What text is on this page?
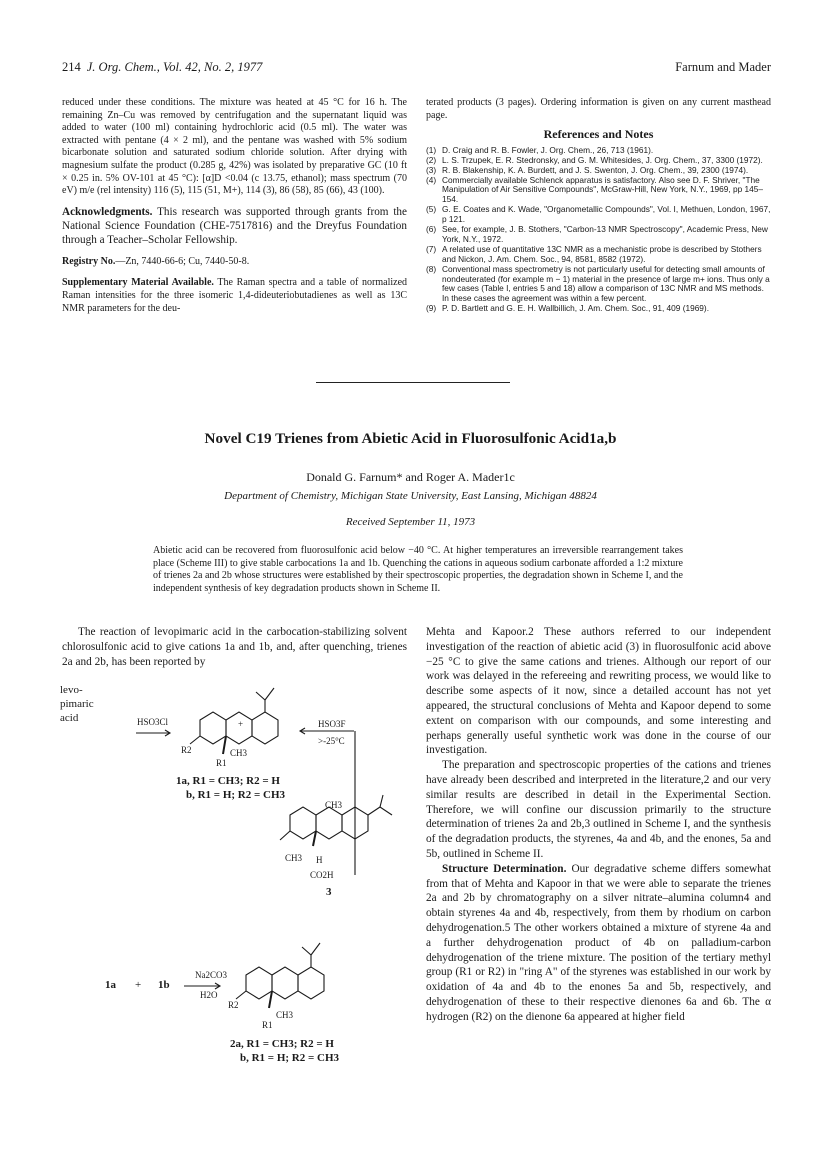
214 J. Org. Chem., Vol. 42, No. 2, 1977	Farnum and Mader

reduced under these conditions. The mixture was heated at 45 °C for 16 h. The remaining Zn–Cu was removed by centrifugation and the supernatant liquid was added to water (100 ml) containing hydrochloric acid (0.5 ml). The water was extracted with pentane (4 × 2 ml), and the pentane was washed with 5% sodium bicarbonate solution and saturated sodium chloride solution. After drying with magnesium sulfate the product (0.285 g, 42%) was isolated by preparative GC (10 ft × 0.25 in. 5% OV-101 at 45 °C): [α]D <0.04 (c 13.75, ethanol); mass spectrum (70 eV) m/e (rel intensity) 116 (5), 115 (51, M+), 114 (3), 86 (58), 85 (66), 43 (100).

Acknowledgments. This research was supported through grants from the National Science Foundation (CHE-7517816) and the Dreyfus Foundation through a Teacher–Scholar Fellowship.

Registry No.—Zn, 7440-66-6; Cu, 7440-50-8.

Supplementary Material Available. The Raman spectra and a table of normalized Raman intensities for the three isomeric 1,4-dideuteriobutadienes as well as 13C NMR parameters for the deu-

terated products (3 pages). Ordering information is given on any current masthead page.

References and Notes

(1) D. Craig and R. B. Fowler, J. Org. Chem., 26, 713 (1961).
(2) L. S. Trzupek, E. R. Stedronsky, and G. M. Whitesides, J. Org. Chem., 37, 3300 (1972).
(3) R. B. Blakenship, K. A. Burdett, and J. S. Swenton, J. Org. Chem., 39, 2300 (1974).
(4) Commercially available Schlenck apparatus is satisfactory. Also see D. F. Shriver, "The Manipulation of Air Sensitive Compounds", McGraw-Hill, New York, N.Y., 1969, pp 145–154.
(5) G. E. Coates and K. Wade, "Organometallic Compounds", Vol. I, Methuen, London, 1967, p 121.
(6) See, for example, J. B. Stothers, "Carbon-13 NMR Spectroscopy", Academic Press, New York, N.Y., 1972.
(7) A related use of quantitative 13C NMR as a mechanistic probe is described by Stothers and Nickon, J. Am. Chem. Soc., 94, 8581, 8582 (1972).
(8) Conventional mass spectrometry is not particularly useful for detecting small amounts of nondeuterated (for example m − 1) material in the presence of large m+ ions. Thus only a few cases (Table I, entries 5 and 18) allow a comparison of 13C NMR and MS methods. In these cases the agreement was within a few percent.
(9) P. D. Bartlett and G. E. H. Wallbillich, J. Am. Chem. Soc., 91, 409 (1969).
Novel C19 Trienes from Abietic Acid in Fluorosulfonic Acid1a,b
Donald G. Farnum* and Roger A. Mader1c
Department of Chemistry, Michigan State University, East Lansing, Michigan 48824
Received September 11, 1973
Abietic acid can be recovered from fluorosulfonic acid below −40 °C. At higher temperatures an irreversible rearrangement takes place (Scheme III) to give stable carbocations 1a and 1b. Quenching the cations in aqueous sodium carbonate afforded a 1:2 mixture of trienes 2a and 2b whose structures were established by their spectroscopic properties, the degradation shown in Scheme I, and the independent synthesis of key degradation products shown in Scheme II.
The reaction of levopimaric acid in the carbocation-stabilizing solvent chlorosulfonic acid to give cations 1a and 1b, and, after quenching, trienes 2a and 2b, has been reported by

Mehta and Kapoor.2 These authors referred to our independent investigation of the reaction of abietic acid (3) in fluorosulfonic acid above −25 °C to give the same cations and trienes. Although our report of our work was delayed in the refereeing and rewriting process, we would like to describe some aspects of it now, since a detailed account has not yet appeared, the structural conclusions of Mehta and Kapoor depend to some extent on comparison with our compounds, and some interesting and perhaps generally useful synthetic work was done in the course of our investigation.

The preparation and spectroscopic properties of the cations and trienes have already been described and interpreted in the literature,2 and our very similar results are described in detail in the Experimental Section. Therefore, we will confine our discussion primarily to the structure determination of trienes 2a and 2b,3 outlined in Scheme I, and the synthesis of the degradation products, the styrenes, 4a and 4b, and the enones, 5a and 5b, outlined in Scheme II.

Structure Determination. Our degradative scheme differs somewhat from that of Mehta and Kapoor in that we were able to separate the trienes 2a and 2b by chromatography on a silver nitrate–alumina column4 and obtain styrenes 4a and 4b, respectively, from them by rhodium on carbon dehydrogenation.5 The other workers obtained a mixture of styrene 4a and a further dehydrogenation product of 4b on palladium-carbon dehydrogenation of the triene mixture. The position of the tertiary methyl group (R1 or R2) in "ring A" of the styrenes was established in our work by oxidation of 4a and 4b to the enones 5a and 5b, respectively, and dehydrogenation of these to their respective dienones 6a and 6b. The α hydrogen (R2) on the dienone 6a appeared at higher field

levo-
pimaric
acid	HSO3Cl	HSO3F
>-25°C
+
CH3
R1
R2
1a, R1 = CH3; R2 = H
b, R1 = H; R2 = CH3
CH3
CH3 H
CO2H
3
1a + 1b
Na2CO3
H2O
R2
CH3
R1
2a, R1 = CH3; R2 = H
b, R1 = H; R2 = CH3
